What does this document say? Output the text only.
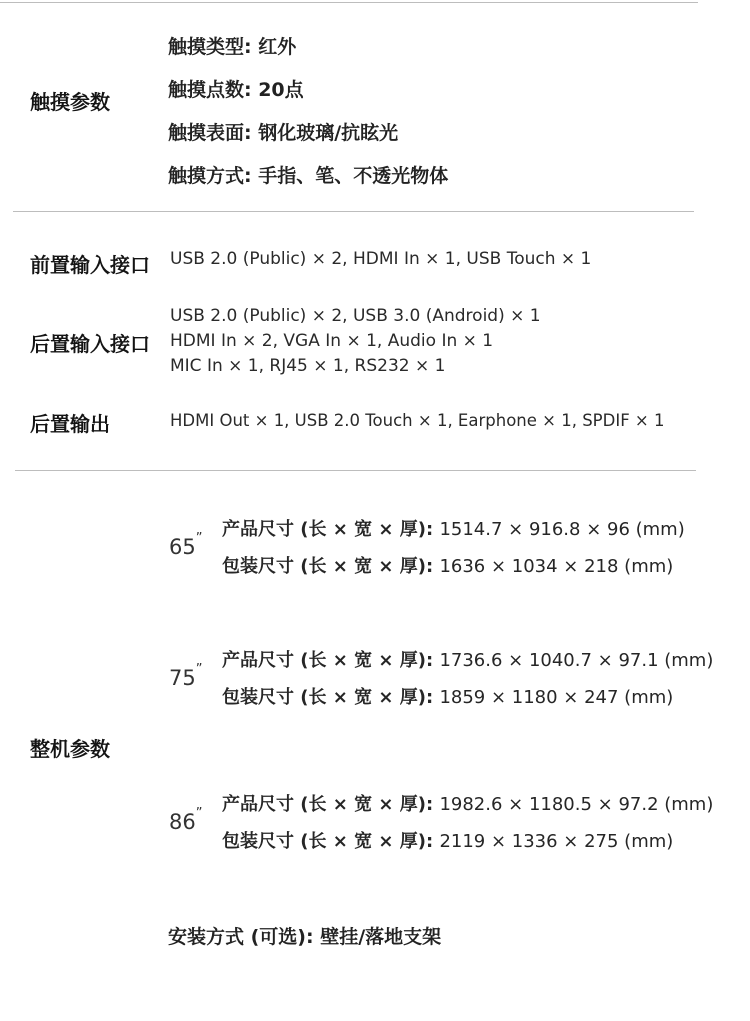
触摸参数
触摸类型: 红外
触摸点数: 20点
触摸表面: 钢化玻璃/抗眩光
触摸方式: 手指、笔、不透光物体
前置输入接口 USB 2.0 (Public) × 2, HDMI In × 1, USB Touch × 1
后置输入接口
USB 2.0 (Public) × 2, USB 3.0 (Android) × 1
HDMI In × 2, VGA In × 1, Audio In × 1
MIC In × 1, RJ45 × 1, RS232 × 1
后置输出	HDMI Out × 1, USB 2.0 Touch × 1, Earphone × 1, SPDIF × 1
整机参数
65” 产品尺寸 (长 × 宽 × 厚): 1514.7 × 916.8 × 96 (mm)
包装尺寸 (长 × 宽 × 厚): 1636 × 1034 × 218 (mm)
75” 产品尺寸 (长 × 宽 × 厚): 1736.6 × 1040.7 × 97.1 (mm)
包装尺寸 (长 × 宽 × 厚): 1859 × 1180 × 247 (mm)
86” 产品尺寸 (长 × 宽 × 厚): 1982.6 × 1180.5 × 97.2 (mm)
包装尺寸 (长 × 宽 × 厚): 2119 × 1336 × 275 (mm)
安装方式 (可选): 壁挂/落地支架
